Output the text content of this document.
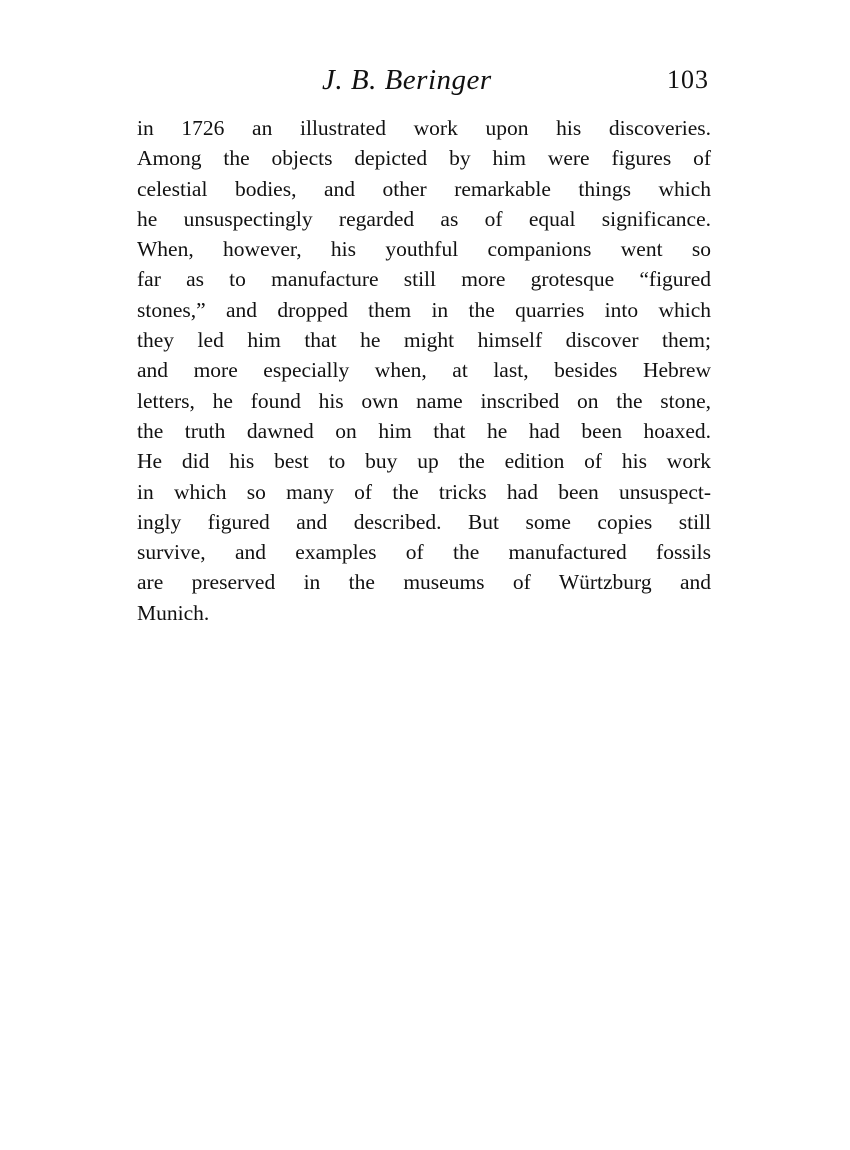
J. B. Beringer	103
in 1726 an illustrated work upon his discoveries.
Among the objects depicted by him were figures of
celestial bodies, and other remarkable things which
he unsuspectingly regarded as of equal significance.
When, however, his youthful companions went so
far as to manufacture still more grotesque “figured
stones,” and dropped them in the quarries into which
they led him that he might himself discover them;
and more especially when, at last, besides Hebrew
letters, he found his own name inscribed on the stone,
the truth dawned on him that he had been hoaxed.
He did his best to buy up the edition of his work
in which so many of the tricks had been unsuspect-
ingly figured and described. But some copies still
survive, and examples of the manufactured fossils
are preserved in the museums of Würtzburg and
Munich.
